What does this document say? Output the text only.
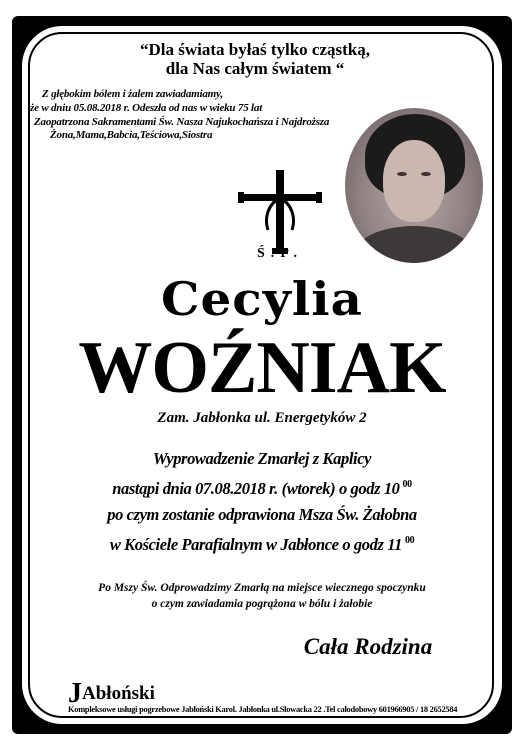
“Dla świata byłaś tylko cząstką,
dla Nas całym światem “
Z głębokim bólem i żalem zawiadamiamy,
że w dniu 05.08.2018 r. Odeszła od nas w wieku 75 lat
Zaopatrzona Sakramentami Św. Nasza Najukochańsza i Najdroższa
Żona,Mama,Babcia,Teściowa,Siostra
Ś.P.
Cecylia
WOŹNIAK
Zam. Jabłonka ul. Energetyków 2
Wyprowadzenie Zmarłej z Kaplicy
nastąpi dnia 07.08.2018 r. (wtorek) o godz 10 $^{00}$
po czym zostanie odprawiona Msza Św. Żałobna
w Kościele Parafialnym w Jabłonce o godz 11 $^{00}$
Po Mszy Św. Odprowadzimy Zmarłą na miejsce wiecznego spoczynku
o czym zawiadamia pogrążona w bólu i żałobie
Cała Rodzina
JAbłoński
Kompleksowe usługi pogrzebowe Jabłoński Karol. Jabłonka ul.Słowacka 22 .Tel całodobowy 601966905 / 18 2652584
